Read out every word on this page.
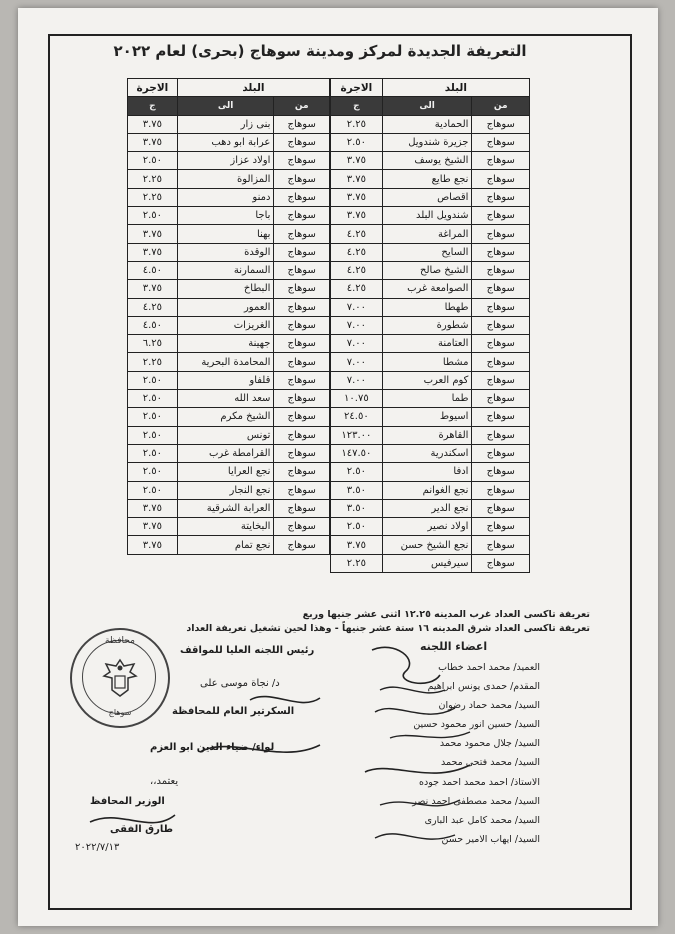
التعريفة الجديدة لمركز ومدينة سوهاج (بحرى) لعام ٢٠٢٢
البلد		الاجرة
من	الى	ج
سوهاج	الحمادية	٢.٢٥
سوهاج	جزيرة شندويل	٢.٥٠
سوهاج	الشيخ يوسف	٣.٧٥
سوهاج	نجع طايع	٣.٧٥
سوهاج	اقصاص	٣.٧٥
سوهاج	شندويل البلد	٣.٧٥
سوهاج	المراغة	٤.٢٥
سوهاج	السايح	٤.٢٥
سوهاج	الشيخ صالح	٤.٢٥
سوهاج	الصوامعة غرب	٤.٢٥
سوهاج	طهطا	٧.٠٠
سوهاج	شطورة	٧.٠٠
سوهاج	العتامنة	٧.٠٠
سوهاج	مشطا	٧.٠٠
سوهاج	كوم العرب	٧.٠٠
سوهاج	طما	١٠.٧٥
سوهاج	اسيوط	٢٤.٥٠
سوهاج	القاهرة	١٢٣.٠٠
سوهاج	اسكندرية	١٤٧.٥٠
سوهاج	ادفا	٢.٥٠
سوهاج	نجع الغوانم	٣.٥٠
سوهاج	نجع الدير	٣.٥٠
سوهاج	اولاد نصير	٢.٥٠
سوهاج	نجع الشيخ حسن	٣.٧٥
سوهاج	سيرفيس	٢.٢٥
البلد		الاجرة
من	الى	ج
سوهاج	بنى زار	٣.٧٥
سوهاج	عرابة ابو دهب	٣.٧٥
سوهاج	اولاد عزاز	٢.٥٠
سوهاج	المزالوة	٢.٢٥
سوهاج	دمنو	٢.٢٥
سوهاج	باجا	٢.٥٠
سوهاج	بهنا	٣.٧٥
سوهاج	الوقدة	٣.٧٥
سوهاج	السمارنة	٤.٥٠
سوهاج	البطاخ	٣.٧٥
سوهاج	العمور	٤.٢٥
سوهاج	الغريزات	٤.٥٠
سوهاج	جهينة	٦.٢٥
سوهاج	المحامدة البحرية	٢.٢٥
سوهاج	قلفاو	٢.٥٠
سوهاج	سعد الله	٢.٥٠
سوهاج	الشيخ مكرم	٢.٥٠
سوهاج	تونس	٢.٥٠
سوهاج	القرامطة غرب	٢.٥٠
سوهاج	نجع العرايا	٢.٥٠
سوهاج	نجع النجار	٢.٥٠
سوهاج	العرابة الشرقية	٣.٧٥
سوهاج	البخايتة	٣.٧٥
سوهاج	نجع تمام	٣.٧٥
تعريفة تاكسى العداد غرب المدينه ١٢.٢٥ اثنى عشر جنيها وربع
تعريفة تاكسى العداد شرق المدينه ١٦ ستة عشر جنيهاً - وهذا لحين تشغيل تعريفة العداد
اعضاء اللجنه
العميد/ محمد احمد خطاب
المقدم/ حمدى يونس ابراهيم
السيد/ محمد حماد رضوان
السيد/ حسين انور محمود حسين
السيد/ جلال محمود محمد
السيد/ محمد فتحى محمد
الاستاذ/ احمد محمد احمد جوده
السيد/ محمد مصطفى احمد نصر
السيد/ محمد كامل عبد البارى
السيد/ ايهاب الامير حسن
محافظة
سوهاج
رئيس اللجنه العليا للمواقف
د/ نجاة موسى على
السكرتير العام للمحافظة
لواء/ ضياء الدين ابو العزم
يعتمد،،
الوزير المحافظ
طارق الفقى
٢٠٢٢/٧/١٣
